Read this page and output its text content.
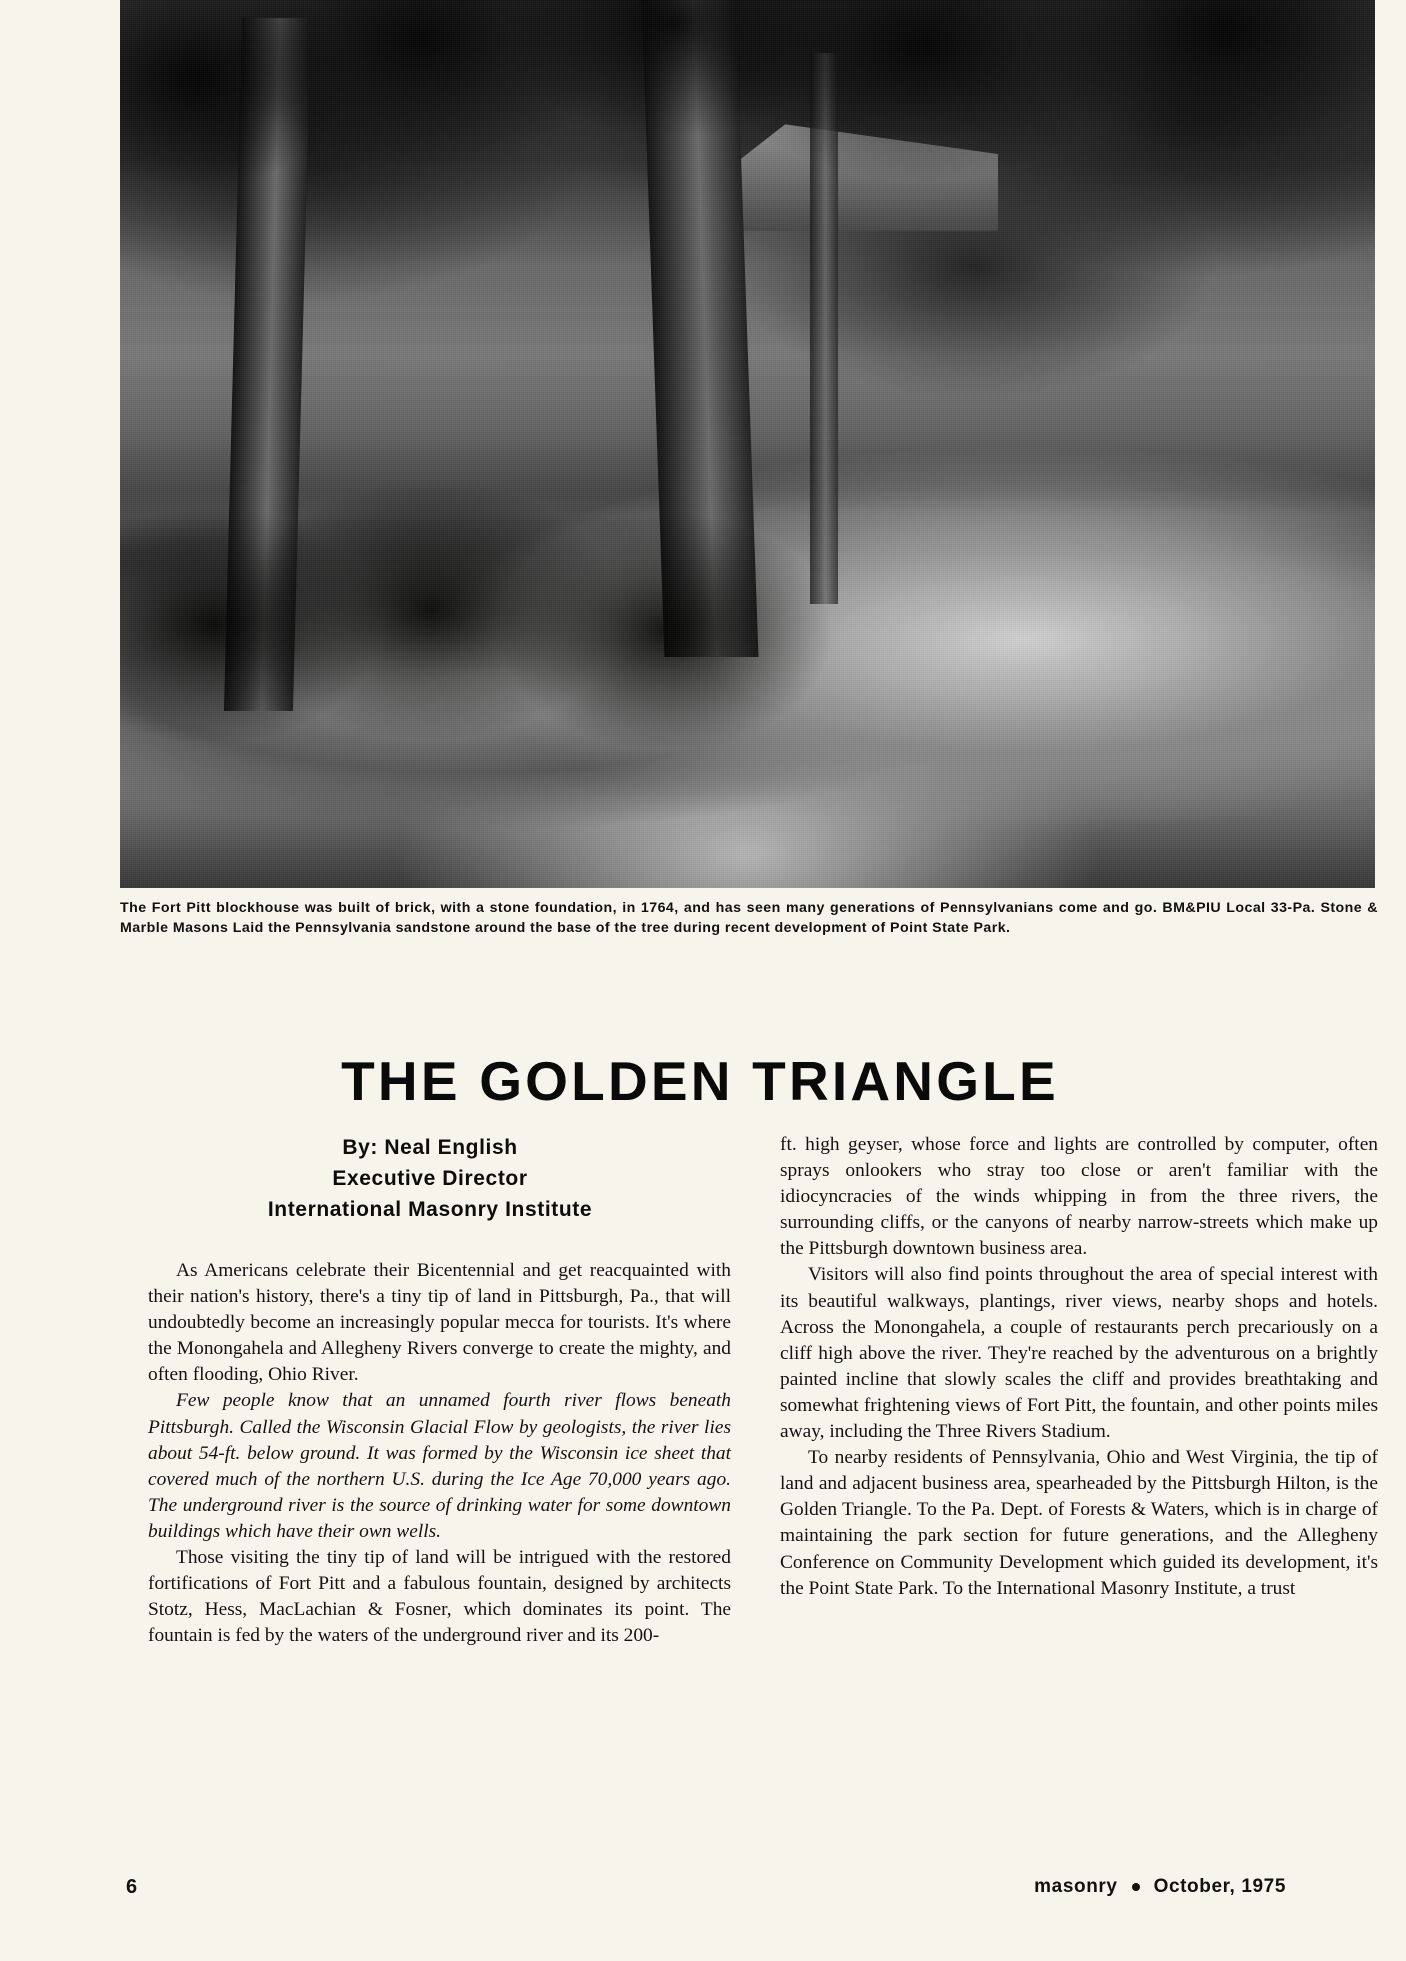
The Fort Pitt blockhouse was built of brick, with a stone foundation, in 1764, and has seen many generations of Pennsylvanians come and go. BM&PIU Local 33-Pa. Stone & Marble Masons Laid the Pennsylvania sandstone around the base of the tree during recent development of Point State Park.
THE GOLDEN TRIANGLE
By: Neal English
Executive Director
International Masonry Institute

As Americans celebrate their Bicentennial and get reacquainted with their nation's history, there's a tiny tip of land in Pittsburgh, Pa., that will undoubtedly become an increasingly popular mecca for tourists. It's where the Monongahela and Allegheny Rivers converge to create the mighty, and often flooding, Ohio River.

Few people know that an unnamed fourth river flows beneath Pittsburgh. Called the Wisconsin Glacial Flow by geologists, the river lies about 54-ft. below ground. It was formed by the Wisconsin ice sheet that covered much of the northern U.S. during the Ice Age 70,000 years ago. The underground river is the source of drinking water for some downtown buildings which have their own wells.

Those visiting the tiny tip of land will be intrigued with the restored fortifications of Fort Pitt and a fabulous fountain, designed by architects Stotz, Hess, MacLachian & Fosner, which dominates its point. The fountain is fed by the waters of the underground river and its 200-

ft. high geyser, whose force and lights are controlled by computer, often sprays onlookers who stray too close or aren't familiar with the idiocyncracies of the winds whipping in from the three rivers, the surrounding cliffs, or the canyons of nearby narrow-streets which make up the Pittsburgh downtown business area.

Visitors will also find points throughout the area of special interest with its beautiful walkways, plantings, river views, nearby shops and hotels. Across the Monongahela, a couple of restaurants perch precariously on a cliff high above the river. They're reached by the adventurous on a brightly painted incline that slowly scales the cliff and provides breathtaking and somewhat frightening views of Fort Pitt, the fountain, and other points miles away, including the Three Rivers Stadium.

To nearby residents of Pennsylvania, Ohio and West Virginia, the tip of land and adjacent business area, spearheaded by the Pittsburgh Hilton, is the Golden Triangle. To the Pa. Dept. of Forests & Waters, which is in charge of maintaining the park section for future generations, and the Allegheny Conference on Community Development which guided its development, it's the Point State Park. To the International Masonry Institute, a trust

6	masonry October, 1975
